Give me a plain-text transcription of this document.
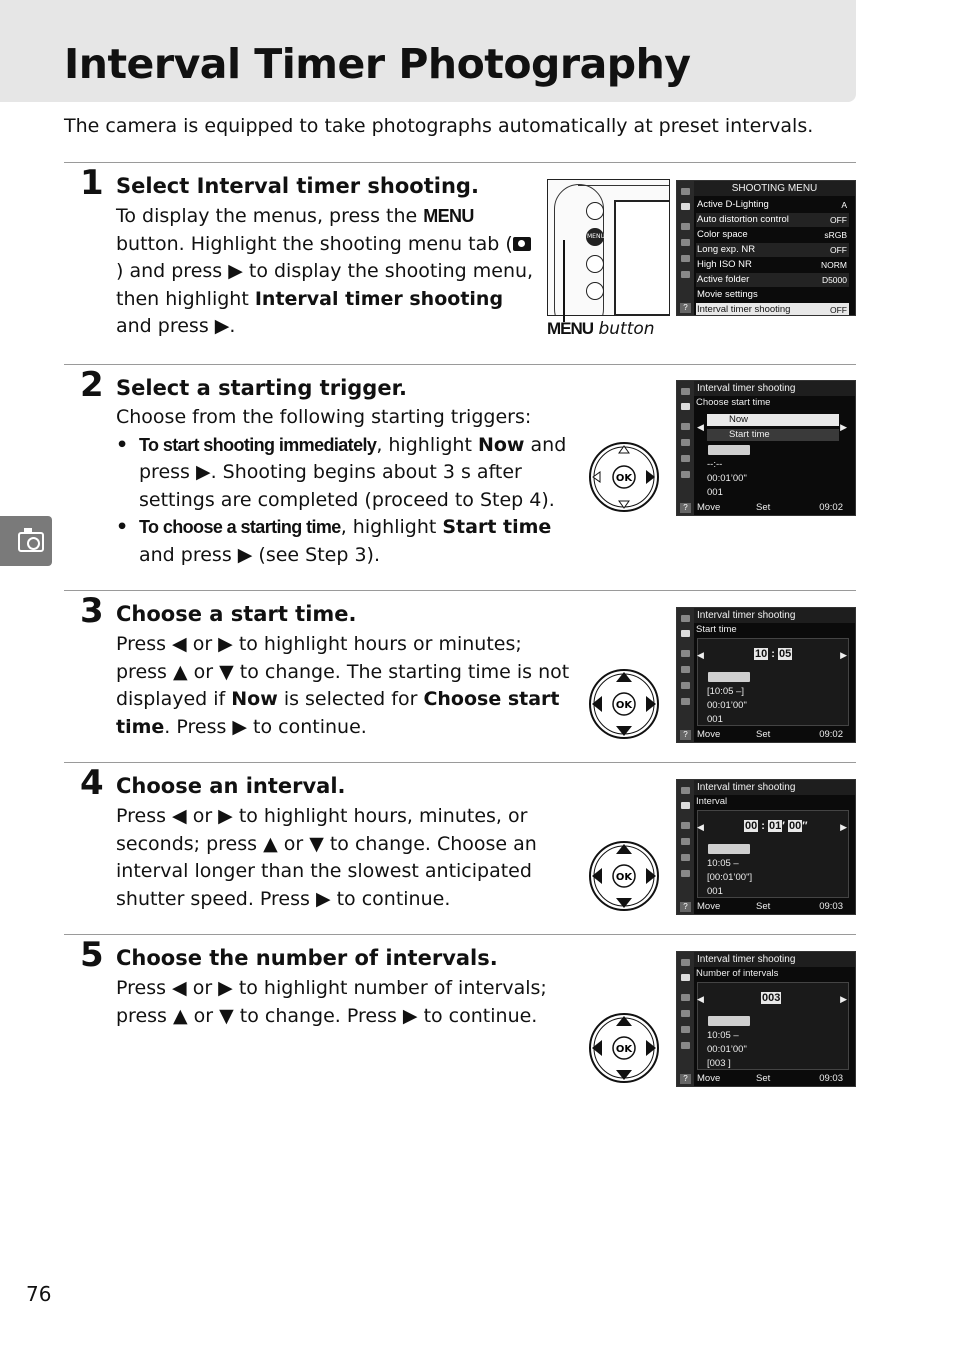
Interval Timer Photography

The camera is equipped to take photographs automatically at preset intervals.

1 Select Interval timer shooting.
To display the menus, press the MENU button. Highlight the shooting menu tab (
) and press ▶ to display the shooting menu, then highlight Interval timer shooting and press ▶.
MENU
MENU button
SHOOTING MENU
Active D-Lighting	A
Auto distortion control	OFF
Color space	sRGB
Long exp. NR	OFF
High ISO NR	NORM
Active folder	D5000
Movie settings
Interval timer shooting	OFF
?
2 Select a starting trigger.
Choose from the following starting triggers:
• To start shooting immediately, highlight Now and press ▶. Shooting begins about 3 s after settings are completed (proceed to Step 4).
• To choose a starting time, highlight Start time and press ▶ (see Step 3).
OK
Interval timer shooting
Choose start time
◀	▶
Now
Start time
--:--
00:01’00"
001
Move	Set	09:02
?
3 Choose a start time.
Press ◀ or ▶ to highlight hours or minutes; press ▲ or ▼ to change. The starting time is not displayed if Now is selected for Choose start time. Press ▶ to continue.
OK
Interval timer shooting
Start time
◀	▶
10 : 05
[10:05 –]
00:01’00"
001
Move	Set	09:02
?
4 Choose an interval.
Press ◀ or ▶ to highlight hours, minutes, or seconds; press ▲ or ▼ to change. Choose an interval longer than the slowest anticipated shutter speed. Press ▶ to continue.
OK
Interval timer shooting
Interval
◀	▶
00 : 01′ 00″
10:05 –
[00:01’00"]
001
Move	Set	09:03
?
5 Choose the number of intervals.
Press ◀ or ▶ to highlight number of intervals; press ▲ or ▼ to change. Press ▶ to continue.
OK
Interval timer shooting
Number of intervals
◀	▶
003
10:05 –
00:01’00"
[003 ]
Move	Set	09:03
?
76
